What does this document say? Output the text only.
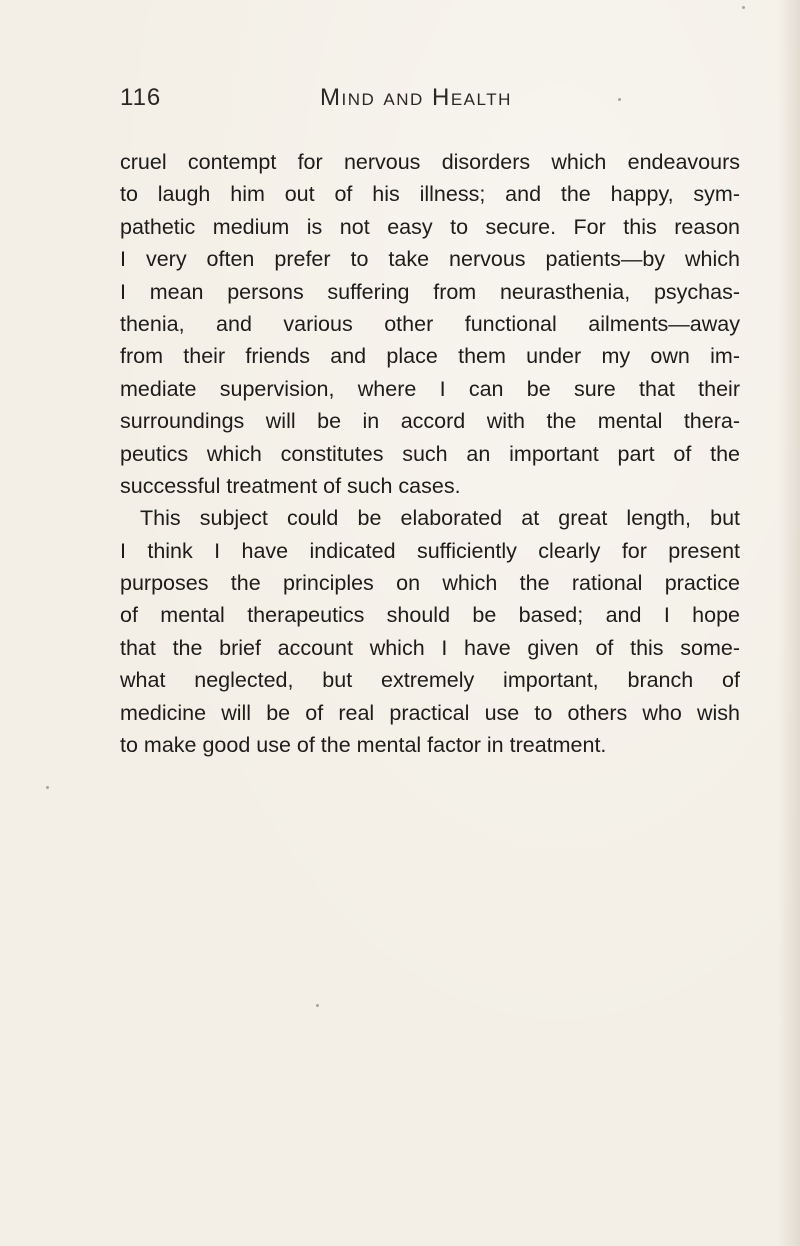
116	Mind and Health
cruel contempt for nervous disorders which endeavours
to laugh him out of his illness; and the happy, sym-
pathetic medium is not easy to secure. For this reason
I very often prefer to take nervous patients—by which
I mean persons suffering from neurasthenia, psychas-
thenia, and various other functional ailments—away
from their friends and place them under my own im-
mediate supervision, where I can be sure that their
surroundings will be in accord with the mental thera-
peutics which constitutes such an important part of the
successful treatment of such cases.
This subject could be elaborated at great length, but
I think I have indicated sufficiently clearly for present
purposes the principles on which the rational practice
of mental therapeutics should be based; and I hope
that the brief account which I have given of this some-
what neglected, but extremely important, branch of
medicine will be of real practical use to others who wish
to make good use of the mental factor in treatment.
